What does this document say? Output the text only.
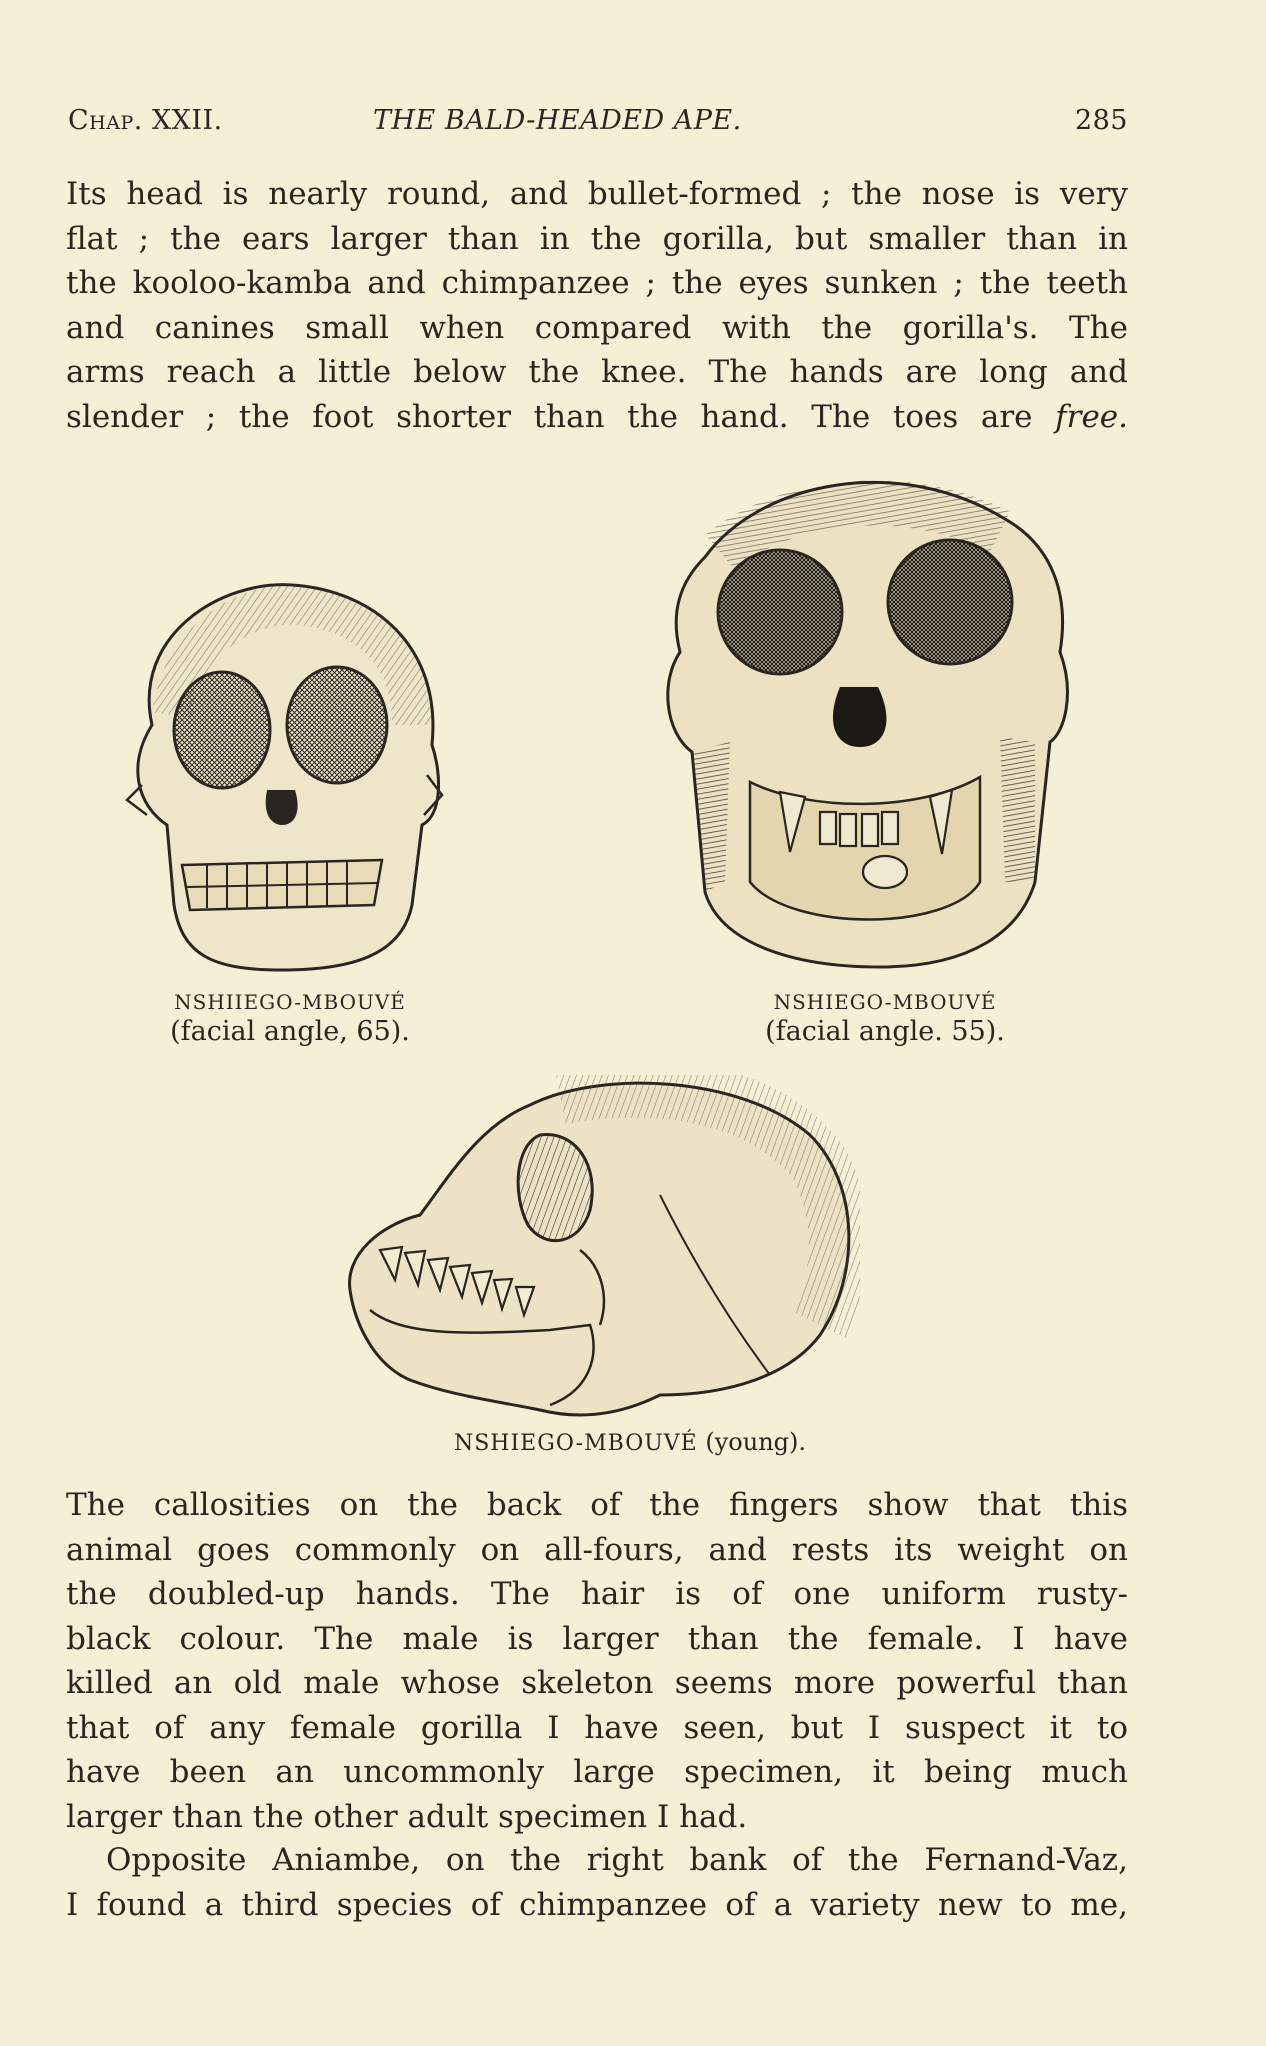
Chap. XXII.	THE BALD-HEADED APE.	285
Its head is nearly round, and bullet-formed ; the nose is very
flat ; the ears larger than in the gorilla, but smaller than in
the kooloo-kamba and chimpanzee ; the eyes sunken ; the teeth
and canines small when compared with the gorilla's. The
arms reach a little below the knee. The hands are long and
slender ; the foot shorter than the hand. The toes are free.
NSHIIEGO-MBOUVÉ
(facial angle, 65).
NSHIEGO-MBOUVÉ
(facial angle. 55).
NSHIEGO-MBOUVÉ (young).
The callosities on the back of the fingers show that this
animal goes commonly on all-fours, and rests its weight on
the doubled-up hands. The hair is of one uniform rusty-
black colour. The male is larger than the female. I have
killed an old male whose skeleton seems more powerful than
that of any female gorilla I have seen, but I suspect it to
have been an uncommonly large specimen, it being much
larger than the other adult specimen I had.
Opposite Aniambe, on the right bank of the Fernand-Vaz,
I found a third species of chimpanzee of a variety new to me,
